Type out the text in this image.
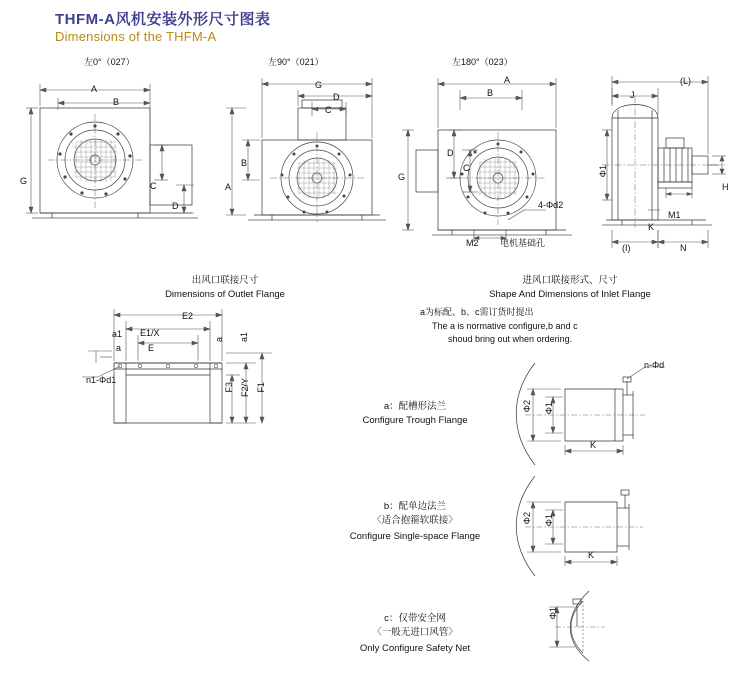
THFM-A风机安装外形尺寸图表
Dimensions of the THFM-A
左0°（027）	左90°（021）	左180°（023）
A
B
G	C
D
G
D
C
B
A
A
B
D
C
G
M2
4-Φd2
电机基础孔
(L)
J
Φ1
H
M1
K
(I)	N
出风口联接尺寸
Dimensions of Outlet Flange
E2
E1/X
E
a1
a
a a1
n1-Φd1
F3 F2/Y F1
进风口联接形式、尺寸
Shape And Dimensions of Inlet Flange
a为标配、b、c需订货时提出
The a is normative configure,b and c
shoud bring out when ordering.
a：配槽形法兰
Configure Trough Flange
n-Φd
Φ2 Φ1
K
b：配单边法兰
〈适合抱箍软联接〉
Configure Single-space Flange
Φ2 Φ1
K
c：仅带安全网
〈一般无进口风管〉
Only Configure Safety Net
Φ1
